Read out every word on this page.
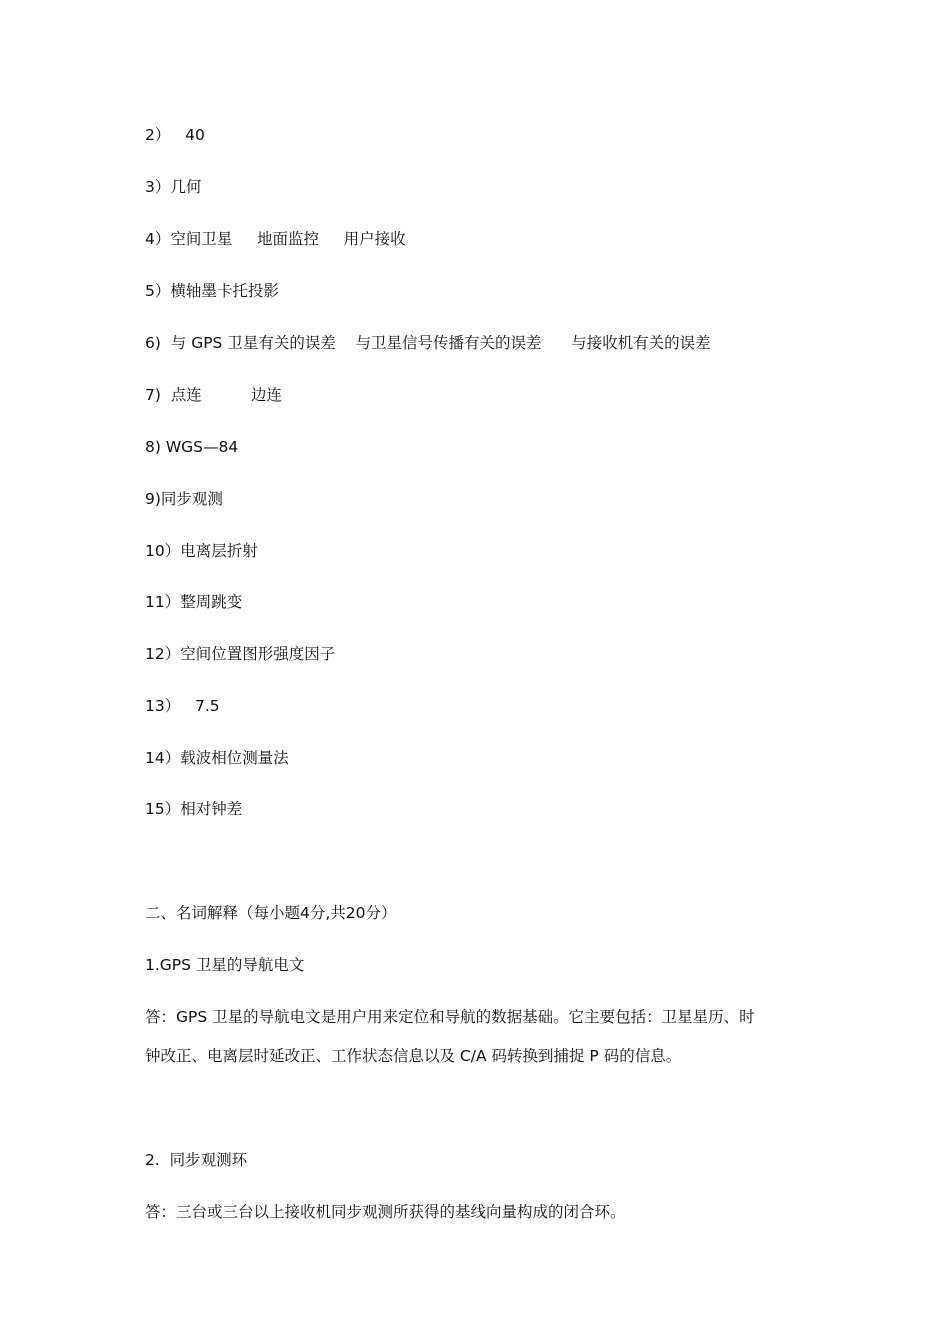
2）   40

3）几何

4）空间卫星     地面监控     用户接收

5）横轴墨卡托投影

6)  与 GPS 卫星有关的误差    与卫星信号传播有关的误差      与接收机有关的误差

7)  点连          边连

8) WGS—84

9)同步观测

10）电离层折射

11）整周跳变

12）空间位置图形强度因子

13）   7.5

14）载波相位测量法

15）相对钟差

二、名词解释（每小题4分,共20分）

1.GPS 卫星的导航电文

答：GPS 卫星的导航电文是用户用来定位和导航的数据基础。它主要包括：卫星星历、时

钟改正、电离层时延改正、工作状态信息以及 C/A 码转换到捕捉 P 码的信息。

2.  同步观测环

答：三台或三台以上接收机同步观测所获得的基线向量构成的闭合环。
